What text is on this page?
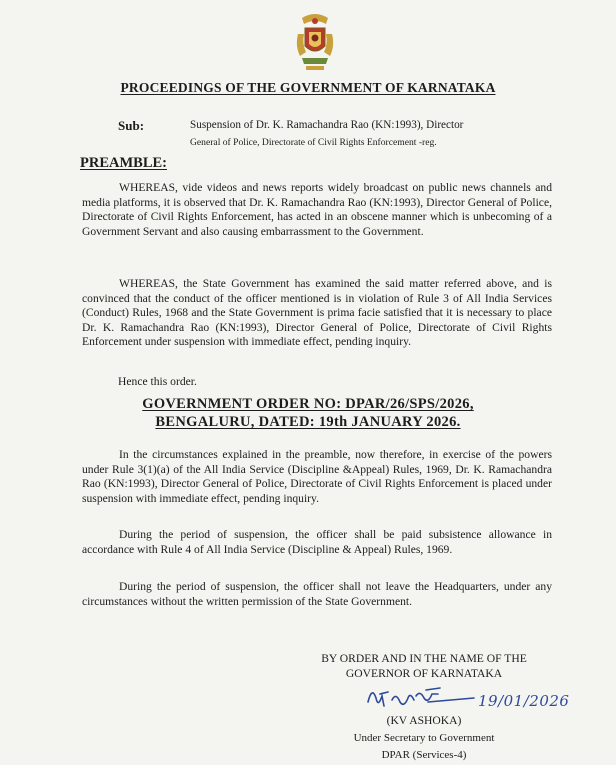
PROCEEDINGS OF THE GOVERNMENT OF KARNATAKA
Sub:	Suspension of Dr. K. Ramachandra Rao (KN:1993), Director
General of Police, Directorate of Civil Rights Enforcement -reg.
PREAMBLE:

WHEREAS, vide videos and news reports widely broadcast on public news channels and media platforms, it is observed that Dr. K. Ramachandra Rao (KN:1993), Director General of Police, Directorate of Civil Rights Enforcement, has acted in an obscene manner which is unbecoming of a Government Servant and also causing embarrassment to the Government.

WHEREAS, the State Government has examined the said matter referred above, and is convinced that the conduct of the officer mentioned is in violation of Rule 3 of All India Services (Conduct) Rules, 1968 and the State Government is prima facie satisfied that it is necessary to place Dr. K. Ramachandra Rao (KN:1993), Director General of Police, Directorate of Civil Rights Enforcement under suspension with immediate effect, pending inquiry.

Hence this order.
GOVERNMENT ORDER NO: DPAR/26/SPS/2026,
BENGALURU, DATED: 19th JANUARY 2026.

In the circumstances explained in the preamble, now therefore, in exercise of the powers under Rule 3(1)(a) of the All India Service (Discipline &Appeal) Rules, 1969, Dr. K. Ramachandra Rao (KN:1993), Director General of Police, Directorate of Civil Rights Enforcement is placed under suspension with immediate effect, pending inquiry.

During the period of suspension, the officer shall be paid subsistence allowance in accordance with Rule 4 of All India Service (Discipline & Appeal) Rules, 1969.

During the period of suspension, the officer shall not leave the Headquarters, under any circumstances without the written permission of the State Government.

BY ORDER AND IN THE NAME OF THE
GOVERNOR OF KARNATAKA
19/01/2026
(KV ASHOKA)
Under Secretary to Government
DPAR (Services-4)
